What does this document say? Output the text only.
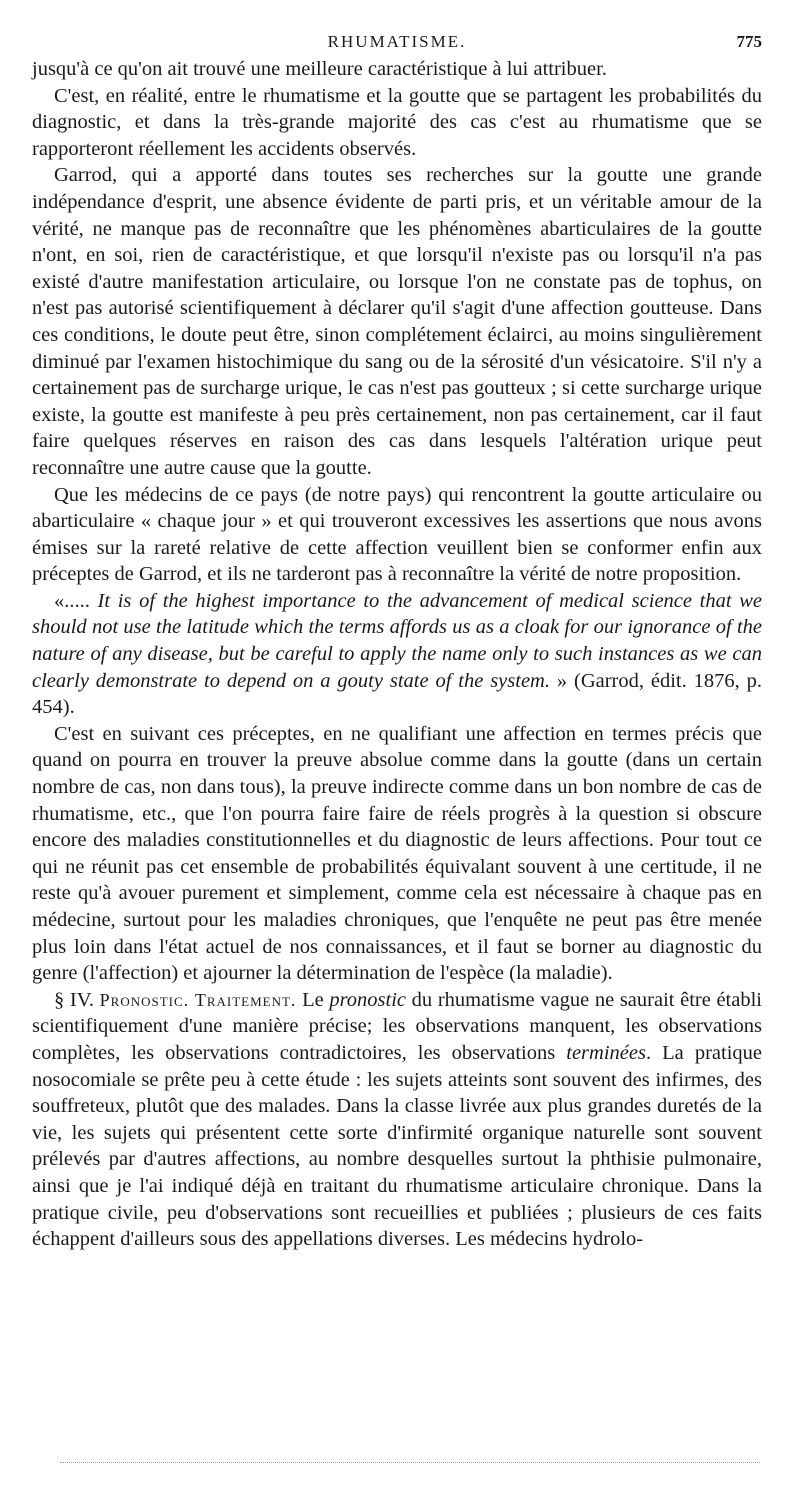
RHUMATISME.	775

jusqu'à ce qu'on ait trouvé une meilleure caractéristique à lui attribuer.

C'est, en réalité, entre le rhumatisme et la goutte que se partagent les probabilités du diagnostic, et dans la très-grande majorité des cas c'est au rhumatisme que se rapporteront réellement les accidents observés.

Garrod, qui a apporté dans toutes ses recherches sur la goutte une grande indépendance d'esprit, une absence évidente de parti pris, et un véritable amour de la vérité, ne manque pas de reconnaître que les phénomènes abarticulaires de la goutte n'ont, en soi, rien de caractéristique, et que lorsqu'il n'existe pas ou lorsqu'il n'a pas existé d'autre manifestation articulaire, ou lorsque l'on ne constate pas de tophus, on n'est pas autorisé scientifiquement à déclarer qu'il s'agit d'une affection goutteuse. Dans ces conditions, le doute peut être, sinon complétement éclairci, au moins singulièrement diminué par l'examen histochimique du sang ou de la sérosité d'un vésicatoire. S'il n'y a certainement pas de surcharge urique, le cas n'est pas goutteux ; si cette surcharge urique existe, la goutte est manifeste à peu près certainement, non pas certainement, car il faut faire quelques réserves en raison des cas dans lesquels l'altération urique peut reconnaître une autre cause que la goutte.

Que les médecins de ce pays (de notre pays) qui rencontrent la goutte articulaire ou abarticulaire « chaque jour » et qui trouveront excessives les assertions que nous avons émises sur la rareté relative de cette affection veuillent bien se conformer enfin aux préceptes de Garrod, et ils ne tarderont pas à reconnaître la vérité de notre proposition.

«..... It is of the highest importance to the advancement of medical science that we should not use the latitude which the terms affords us as a cloak for our ignorance of the nature of any disease, but be careful to apply the name only to such instances as we can clearly demonstrate to depend on a gouty state of the system. » (Garrod, édit. 1876, p. 454).

C'est en suivant ces préceptes, en ne qualifiant une affection en termes précis que quand on pourra en trouver la preuve absolue comme dans la goutte (dans un certain nombre de cas, non dans tous), la preuve indirecte comme dans un bon nombre de cas de rhumatisme, etc., que l'on pourra faire faire de réels progrès à la question si obscure encore des maladies constitutionnelles et du diagnostic de leurs affections. Pour tout ce qui ne réunit pas cet ensemble de probabilités équivalant souvent à une certitude, il ne reste qu'à avouer purement et simplement, comme cela est nécessaire à chaque pas en médecine, surtout pour les maladies chroniques, que l'enquête ne peut pas être menée plus loin dans l'état actuel de nos connaissances, et il faut se borner au diagnostic du genre (l'affection) et ajourner la détermination de l'espèce (la maladie).

§ IV. Pronostic. Traitement. Le pronostic du rhumatisme vague ne saurait être établi scientifiquement d'une manière précise; les observations manquent, les observations complètes, les observations contradictoires, les observations terminées. La pratique nosocomiale se prête peu à cette étude : les sujets atteints sont souvent des infirmes, des souffreteux, plutôt que des malades. Dans la classe livrée aux plus grandes duretés de la vie, les sujets qui présentent cette sorte d'infirmité organique naturelle sont souvent prélevés par d'autres affections, au nombre desquelles surtout la phthisie pulmonaire, ainsi que je l'ai indiqué déjà en traitant du rhumatisme articulaire chronique. Dans la pratique civile, peu d'observations sont recueillies et publiées ; plusieurs de ces faits échappent d'ailleurs sous des appellations diverses. Les médecins hydrolo-
